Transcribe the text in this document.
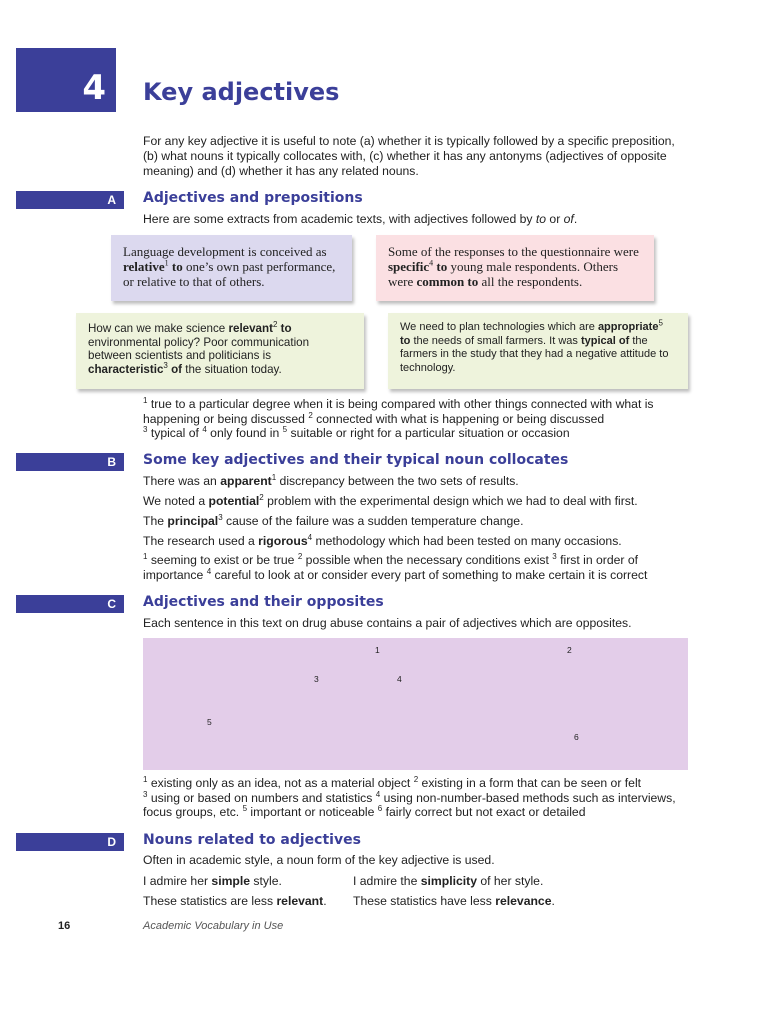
4 Key adjectives
For any key adjective it is useful to note (a) whether it is typically followed by a specific preposition, (b) what nouns it typically collocates with, (c) whether it has any antonyms (adjectives of opposite meaning) and (d) whether it has any related nouns.
A Adjectives and prepositions
Here are some extracts from academic texts, with adjectives followed by to or of.
Language development is conceived as relative$^1$ to one’s own past performance, or relative to that of others.
Some of the responses to the questionnaire were specific$^4$ to young male respondents. Others were common to all the respondents.
How can we make science relevant$^2$ to environmental policy? Poor communication between scientists and politicians is characteristic$^3$ of the situation today.
We need to plan technologies which are appropriate$^5$ to the needs of small farmers. It was typical of the farmers in the study that they had a negative attitude to technology.
$^1$ true to a particular degree when it is being compared with other things connected with what is happening or being discussed $^2$ connected with what is happening or being discussed
$^3$ typical of $^4$ only found in $^5$ suitable or right for a particular situation or occasion
B Some key adjectives and their typical noun collocates
There was an apparent$^1$ discrepancy between the two sets of results.
We noted a potential$^2$ problem with the experimental design which we had to deal with first.
The principal$^3$ cause of the failure was a sudden temperature change.
The research used a rigorous$^4$ methodology which had been tested on many occasions.
$^1$ seeming to exist or be true $^2$ possible when the necessary conditions exist $^3$ first in order of importance $^4$ careful to look at or consider every part of something to make certain it is correct
C Adjectives and their opposites
Each sentence in this text on drug abuse contains a pair of adjectives which are opposites.
1	2
3	4
5
6
$^1$ existing only as an idea, not as a material object $^2$ existing in a form that can be seen or felt
$^3$ using or based on numbers and statistics $^4$ using non-number-based methods such as interviews, focus groups, etc. $^5$ important or noticeable $^6$ fairly correct but not exact or detailed
D Nouns related to adjectives
Often in academic style, a noun form of the key adjective is used.
I admire her simple style.	I admire the simplicity of her style.
These statistics are less relevant. These statistics have less relevance.
16	Academic Vocabulary in Use
